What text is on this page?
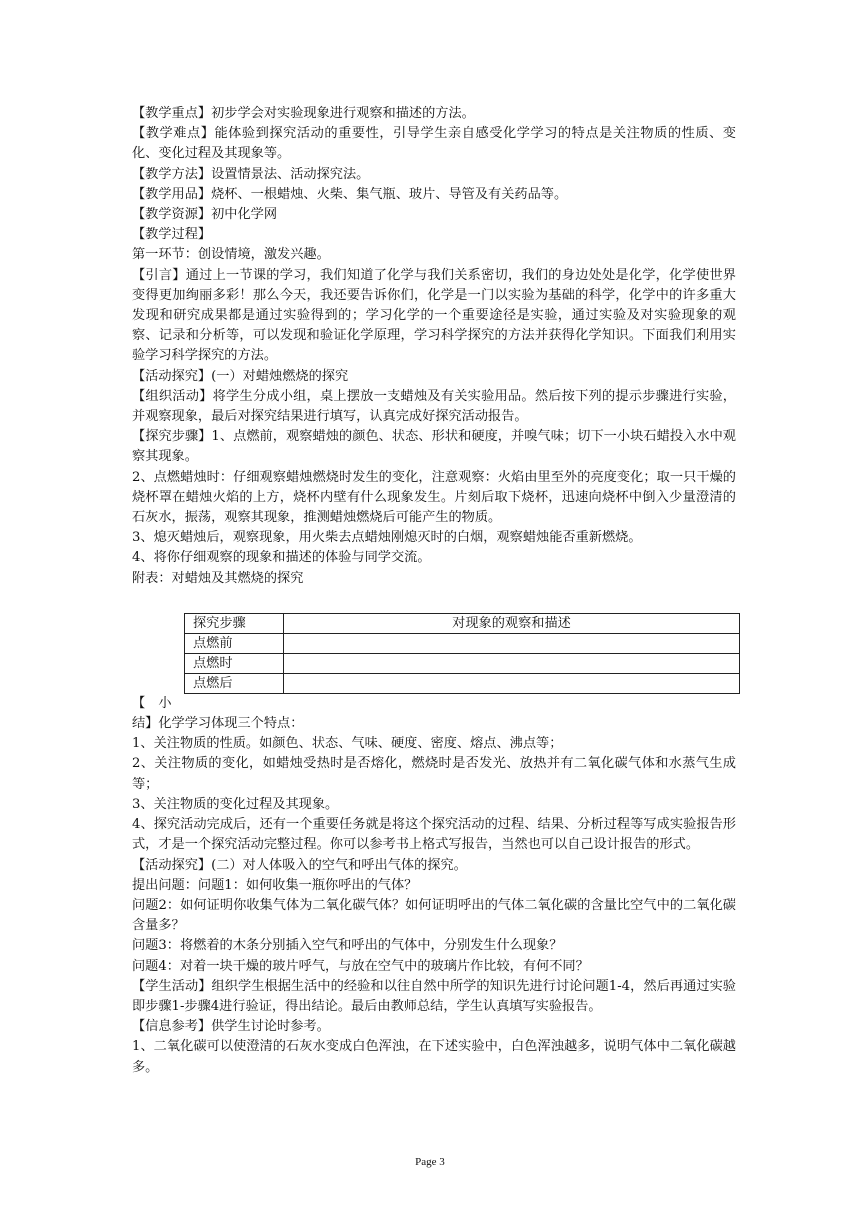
【教学重点】初步学会对实验现象进行观察和描述的方法。

【教学难点】能体验到探究活动的重要性，引导学生亲自感受化学学习的特点是关注物质的性质、变化、变化过程及其现象等。

【教学方法】设置情景法、活动探究法。

【教学用品】烧杯、一根蜡烛、火柴、集气瓶、玻片、导管及有关药品等。

【教学资源】初中化学网

【教学过程】

第一环节：创设情境，激发兴趣。

【引言】通过上一节课的学习，我们知道了化学与我们关系密切，我们的身边处处是化学，化学使世界变得更加绚丽多彩！那么今天，我还要告诉你们，化学是一门以实验为基础的科学，化学中的许多重大发现和研究成果都是通过实验得到的；学习化学的一个重要途径是实验，通过实验及对实验现象的观察、记录和分析等，可以发现和验证化学原理，学习科学探究的方法并获得化学知识。下面我们利用实验学习科学探究的方法。

【活动探究】(一）对蜡烛燃烧的探究

【组织活动】将学生分成小组，桌上摆放一支蜡烛及有关实验用品。然后按下列的提示步骤进行实验，并观察现象，最后对探究结果进行填写，认真完成好探究活动报告。

【探究步骤】1、点燃前，观察蜡烛的颜色、状态、形状和硬度，并嗅气味；切下一小块石蜡投入水中观察其现象。

2、点燃蜡烛时：仔细观察蜡烛燃烧时发生的变化，注意观察：火焰由里至外的亮度变化；取一只干燥的烧杯罩在蜡烛火焰的上方，烧杯内壁有什么现象发生。片刻后取下烧杯，迅速向烧杯中倒入少量澄清的石灰水，振荡，观察其现象，推测蜡烛燃烧后可能产生的物质。

3、熄灭蜡烛后，观察现象，用火柴去点蜡烛刚熄灭时的白烟，观察蜡烛能否重新燃烧。

4、将你仔细观察的现象和描述的体验与同学交流。

附表：对蜡烛及其燃烧的探究

探究步骤	对现象的观察和描述
点燃前	
点燃时	
点燃后	

【　小

结】化学学习体现三个特点：

1、关注物质的性质。如颜色、状态、气味、硬度、密度、熔点、沸点等；

2、关注物质的变化，如蜡烛受热时是否熔化，燃烧时是否发光、放热并有二氧化碳气体和水蒸气生成等；

3、关注物质的变化过程及其现象。

4、探究活动完成后，还有一个重要任务就是将这个探究活动的过程、结果、分析过程等写成实验报告形式，才是一个探究活动完整过程。你可以参考书上格式写报告，当然也可以自己设计报告的形式。

【活动探究】(二）对人体吸入的空气和呼出气体的探究。

提出问题：问题1：如何收集一瓶你呼出的气体？

问题2：如何证明你收集气体为二氧化碳气体？如何证明呼出的气体二氧化碳的含量比空气中的二氧化碳含量多？

问题3：将燃着的木条分别插入空气和呼出的气体中，分别发生什么现象？

问题4：对着一块干燥的玻片呼气，与放在空气中的玻璃片作比较，有何不同？

【学生活动】组织学生根据生活中的经验和以往自然中所学的知识先进行讨论问题1-4，然后再通过实验即步骤1-步骤4进行验证，得出结论。最后由教师总结，学生认真填写实验报告。

【信息参考】供学生讨论时参考。

1、二氧化碳可以使澄清的石灰水变成白色浑浊，在下述实验中，白色浑浊越多，说明气体中二氧化碳越多。

Page 3
